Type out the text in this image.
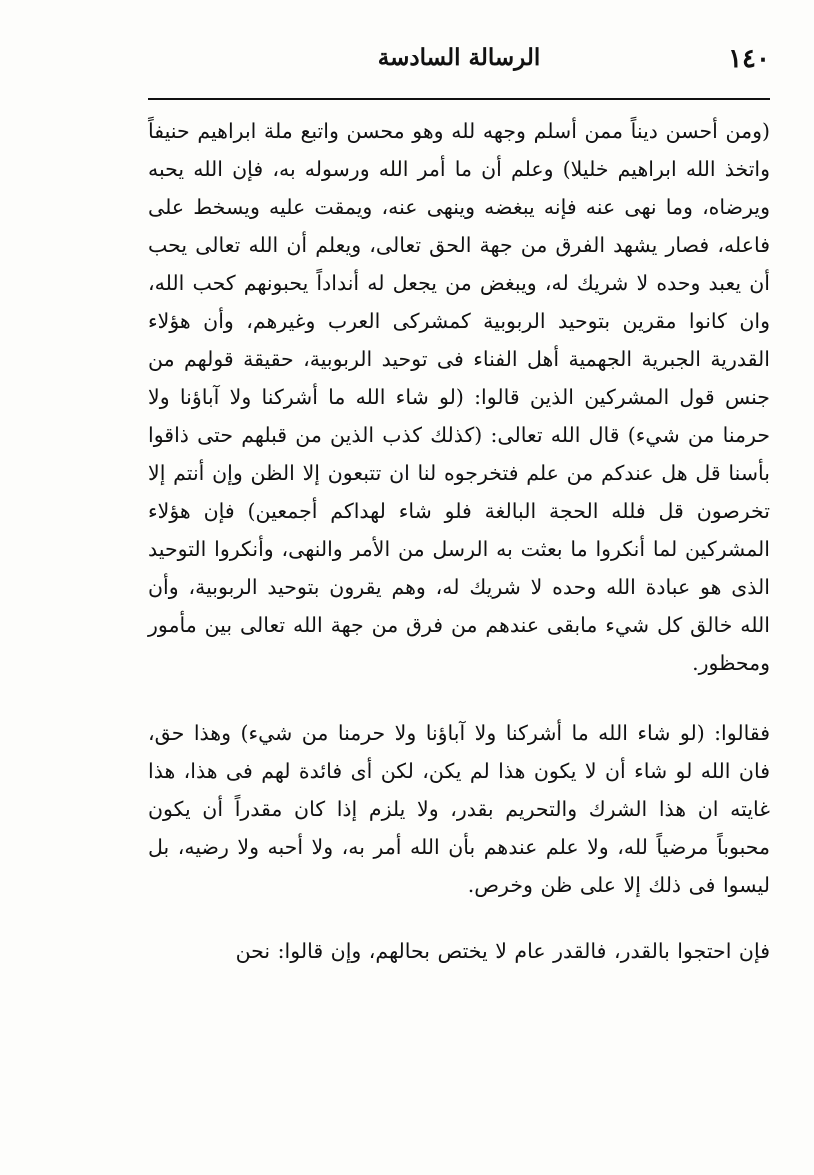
١٤٠
الرسالة السادسة

(ومن أحسن ديناً ممن أسلم وجهه لله وهو محسن واتبع ملة ابراهيم حنيفاً واتخذ الله ابراهيم خليلا) وعلم أن ما أمر الله ورسوله به، فإن الله يحبه ويرضاه، وما نهى عنه فإنه يبغضه وينهى عنه، ويمقت عليه ويسخط على فاعله، فصار يشهد الفرق من جهة الحق تعالى، ويعلم أن الله تعالى يحب أن يعبد وحده لا شريك له، ويبغض من يجعل له أنداداً يحبونهم كحب الله، وان كانوا مقرين بتوحيد الربوبية كمشركى العرب وغيرهم، وأن هؤلاء القدرية الجبرية الجهمية أهل الفناء فى توحيد الربوبية، حقيقة قولهم من جنس قول المشركين الذين قالوا: (لو شاء الله ما أشركنا ولا آباؤنا ولا حرمنا من شيء) قال الله تعالى: (كذلك كذب الذين من قبلهم حتى ذاقوا بأسنا قل هل عندكم من علم فتخرجوه لنا ان تتبعون إلا الظن وإن أنتم إلا تخرصون قل فلله الحجة البالغة فلو شاء لهداكم أجمعين) فإن هؤلاء المشركين لما أنكروا ما بعثت به الرسل من الأمر والنهى، وأنكروا التوحيد الذى هو عبادة الله وحده لا شريك له، وهم يقرون بتوحيد الربوبية، وأن الله خالق كل شيء مابقى عندهم من فرق من جهة الله تعالى بين مأمور ومحظور.

فقالوا: (لو شاء الله ما أشركنا ولا آباؤنا ولا حرمنا من شيء) وهذا حق، فان الله لو شاء أن لا يكون هذا لم يكن، لكن أى فائدة لهم فى هذا، هذا غايته ان هذا الشرك والتحريم بقدر، ولا يلزم إذا كان مقدراً أن يكون محبوباً مرضياً لله، ولا علم عندهم بأن الله أمر به، ولا أحبه ولا رضيه، بل ليسوا فى ذلك إلا على ظن وخرص.

فإن احتجوا بالقدر، فالقدر عام لا يختص بحالهم، وإن قالوا: نحن
